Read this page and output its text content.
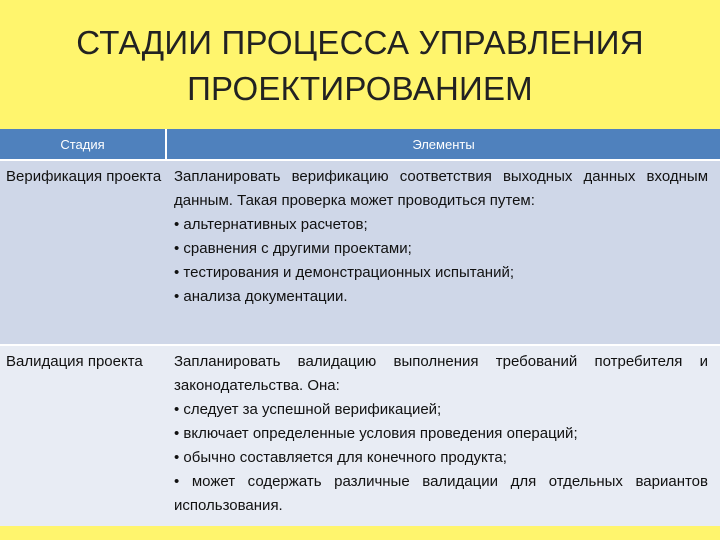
СТАДИИ ПРОЦЕССА УПРАВЛЕНИЯ
ПРОЕКТИРОВАНИЕМ
Стадия	Элементы
Верификация проекта	Запланировать верификацию соответствия выходных данных входным данным. Такая проверка может проводиться путем:
• альтернативных расчетов;
• сравнения с другими проектами;
• тестирования и демонстрационных испытаний;
• анализа документации.

Валидация проекта	Запланировать валидацию выполнения требований потребителя и законодательства. Она:
• следует за успешной верификацией;
• включает определенные условия проведения операций;
• обычно составляется для конечного продукта;
• может содержать различные валидации для отдельных вариантов использования.
